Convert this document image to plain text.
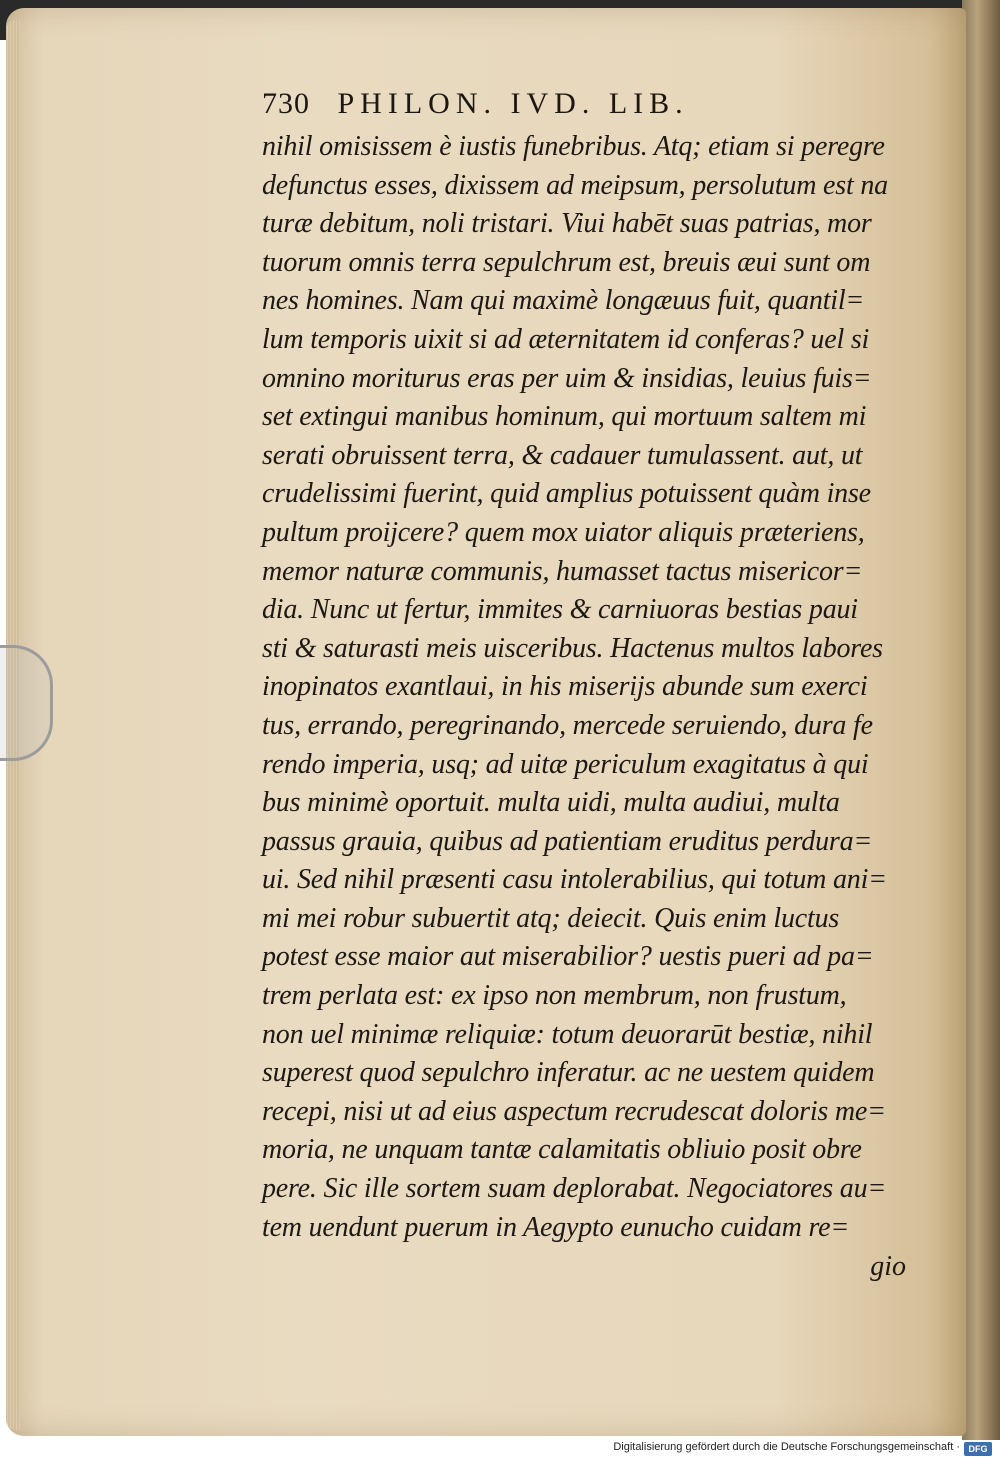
730 PHILON. IVD. LIB.
nihil omisissem è iustis funebribus. Atq; etiam si peregre
defunctus esses, dixissem ad meipsum, persolutum est na
turæ debitum, noli tristari. Viui habēt suas patrias, mor
tuorum omnis terra sepulchrum est, breuis æui sunt om
nes homines. Nam qui maximè longæuus fuit, quantil=
lum temporis uixit si ad æternitatem id conferas? uel si
omnino moriturus eras per uim & insidias, leuius fuis=
set extingui manibus hominum, qui mortuum saltem mi
serati obruissent terra, & cadauer tumulassent. aut, ut
crudelissimi fuerint, quid amplius potuissent quàm inse
pultum proijcere? quem mox uiator aliquis præteriens,
memor naturæ communis, humasset tactus misericor=
dia. Nunc ut fertur, immites & carniuoras bestias paui
sti & saturasti meis uisceribus. Hactenus multos labores
inopinatos exantlaui, in his miserijs abunde sum exerci
tus, errando, peregrinando, mercede seruiendo, dura fe
rendo imperia, usq; ad uitæ periculum exagitatus à qui
bus minimè oportuit. multa uidi, multa audiui, multa
passus grauia, quibus ad patientiam eruditus perdura=
ui. Sed nihil præsenti casu intolerabilius, qui totum ani=
mi mei robur subuertit atq; deiecit. Quis enim luctus
potest esse maior aut miserabilior? uestis pueri ad pa=
trem perlata est: ex ipso non membrum, non frustum,
non uel minimæ reliquiæ: totum deuorarūt bestiæ, nihil
superest quod sepulchro inferatur. ac ne uestem quidem
recepi, nisi ut ad eius aspectum recrudescat doloris me=
moria, ne unquam tantæ calamitatis obliuio posit obre
pere. Sic ille sortem suam deplorabat. Negociatores au=
tem uendunt puerum in Aegypto eunucho cuidam re=
gio
Digitalisierung gefördert durch die Deutsche Forschungsgemeinschaft · DFG
